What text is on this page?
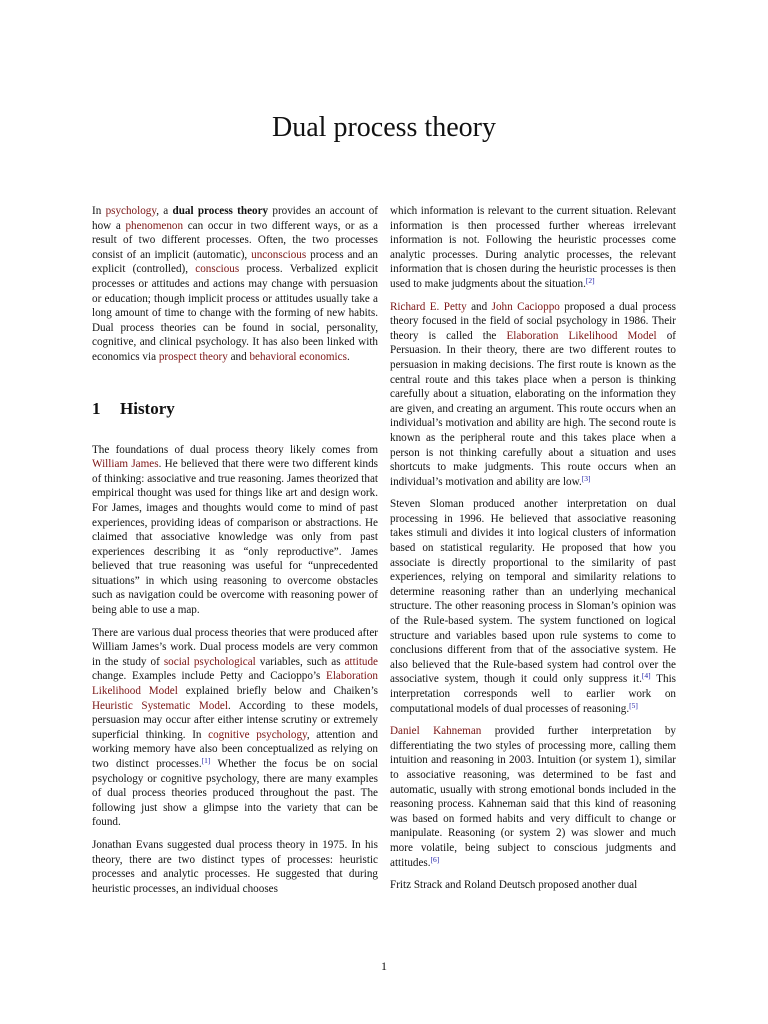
Dual process theory

In psychology, a dual process theory provides an account of how a phenomenon can occur in two different ways, or as a result of two different processes. Often, the two processes consist of an implicit (automatic), unconscious process and an explicit (controlled), conscious process. Verbalized explicit processes or attitudes and actions may change with persuasion or education; though implicit process or attitudes usually take a long amount of time to change with the forming of new habits. Dual process theories can be found in social, personality, cognitive, and clinical psychology. It has also been linked with economics via prospect theory and behavioral economics.

1 History

The foundations of dual process theory likely comes from William James. He believed that there were two different kinds of thinking: associative and true reasoning. James theorized that empirical thought was used for things like art and design work. For James, images and thoughts would come to mind of past experiences, providing ideas of comparison or abstractions. He claimed that associative knowledge was only from past experiences describing it as “only reproductive”. James believed that true reasoning was useful for “unprecedented situations” in which using reasoning to overcome obstacles such as navigation could be overcome with reasoning power of being able to use a map.

There are various dual process theories that were produced after William James’s work. Dual process models are very common in the study of social psychological variables, such as attitude change. Examples include Petty and Cacioppo’s Elaboration Likelihood Model explained briefly below and Chaiken’s Heuristic Systematic Model. According to these models, persuasion may occur after either intense scrutiny or extremely superficial thinking. In cognitive psychology, attention and working memory have also been conceptualized as relying on two distinct processes.[1] Whether the focus be on social psychology or cognitive psychology, there are many examples of dual process theories produced throughout the past. The following just show a glimpse into the variety that can be found.

Jonathan Evans suggested dual process theory in 1975. In his theory, there are two distinct types of processes: heuristic processes and analytic processes. He suggested that during heuristic processes, an individual chooses

which information is relevant to the current situation. Relevant information is then processed further whereas irrelevant information is not. Following the heuristic processes come analytic processes. During analytic processes, the relevant information that is chosen during the heuristic processes is then used to make judgments about the situation.[2]

Richard E. Petty and John Cacioppo proposed a dual process theory focused in the field of social psychology in 1986. Their theory is called the Elaboration Likelihood Model of Persuasion. In their theory, there are two different routes to persuasion in making decisions. The first route is known as the central route and this takes place when a person is thinking carefully about a situation, elaborating on the information they are given, and creating an argument. This route occurs when an individual’s motivation and ability are high. The second route is known as the peripheral route and this takes place when a person is not thinking carefully about a situation and uses shortcuts to make judgments. This route occurs when an individual’s motivation and ability are low.[3]

Steven Sloman produced another interpretation on dual processing in 1996. He believed that associative reasoning takes stimuli and divides it into logical clusters of information based on statistical regularity. He proposed that how you associate is directly proportional to the similarity of past experiences, relying on temporal and similarity relations to determine reasoning rather than an underlying mechanical structure. The other reasoning process in Sloman’s opinion was of the Rule-based system. The system functioned on logical structure and variables based upon rule systems to come to conclusions different from that of the associative system. He also believed that the Rule-based system had control over the associative system, though it could only suppress it.[4] This interpretation corresponds well to earlier work on computational models of dual processes of reasoning.[5]

Daniel Kahneman provided further interpretation by differentiating the two styles of processing more, calling them intuition and reasoning in 2003. Intuition (or system 1), similar to associative reasoning, was determined to be fast and automatic, usually with strong emotional bonds included in the reasoning process. Kahneman said that this kind of reasoning was based on formed habits and very difficult to change or manipulate. Reasoning (or system 2) was slower and much more volatile, being subject to conscious judgments and attitudes.[6]

Fritz Strack and Roland Deutsch proposed another dual

1
